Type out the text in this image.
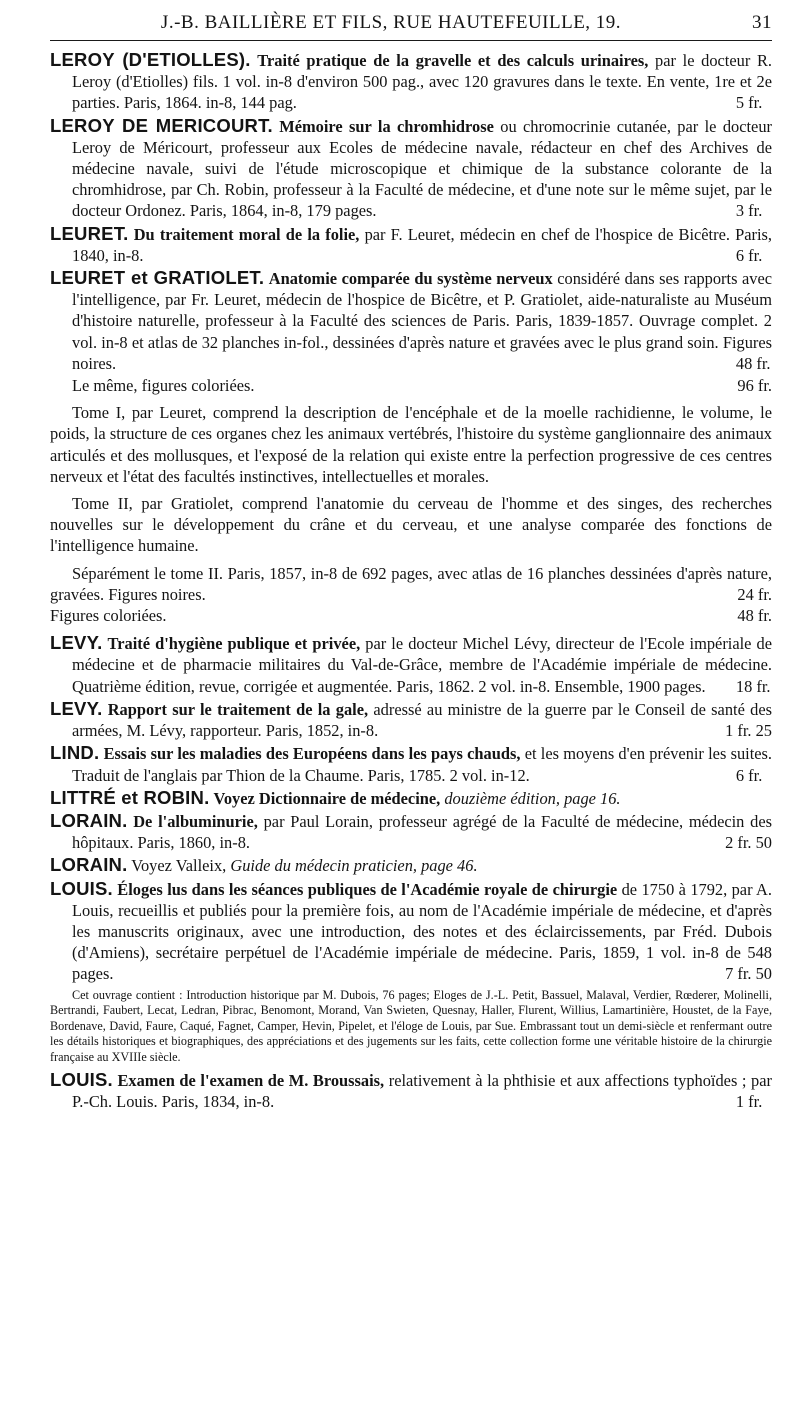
J.-B. BAILLIÈRE ET FILS, RUE HAUTEFEUILLE, 19.	31

LEROY (D'ETIOLLES). Traité pratique de la gravelle et des calculs urinaires, par le docteur R. Leroy (d'Etiolles) fils. 1 vol. in-8 d'environ 500 pag., avec 120 gravures dans le texte. En vente, 1re et 2e parties. Paris, 1864. in-8, 144 pag.	5 fr.

LEROY DE MERICOURT. Mémoire sur la chromhidrose ou chromocrinie cutanée, par le docteur Leroy de Méricourt, professeur aux Ecoles de médecine navale, rédacteur en chef des Archives de médecine navale, suivi de l'étude microscopique et chimique de la substance colorante de la chromhidrose, par Ch. Robin, professeur à la Faculté de médecine, et d'une note sur le même sujet, par le docteur Ordonez. Paris, 1864, in-8, 179 pages.	3 fr.

LEURET. Du traitement moral de la folie, par F. Leuret, médecin en chef de l'hospice de Bicêtre. Paris, 1840, in-8.	6 fr.

LEURET et GRATIOLET. Anatomie comparée du système nerveux considéré dans ses rapports avec l'intelligence, par Fr. Leuret, médecin de l'hospice de Bicêtre, et P. Gratiolet, aide-naturaliste au Muséum d'histoire naturelle, professeur à la Faculté des sciences de Paris. Paris, 1839-1857. Ouvrage complet. 2 vol. in-8 et atlas de 32 planches in-fol., dessinées d'après nature et gravées avec le plus grand soin. Figures noires.	48 fr.

Le même, figures coloriées.	96 fr.

Tome I, par Leuret, comprend la description de l'encéphale et de la moelle rachidienne, le volume, le poids, la structure de ces organes chez les animaux vertébrés, l'histoire du système ganglionnaire des animaux articulés et des mollusques, et l'exposé de la relation qui existe entre la perfection progressive de ces centres nerveux et l'état des facultés instinctives, intellectuelles et morales.

Tome II, par Gratiolet, comprend l'anatomie du cerveau de l'homme et des singes, des recherches nouvelles sur le développement du crâne et du cerveau, et une analyse comparée des fonctions de l'intelligence humaine.

Séparément le tome II. Paris, 1857, in-8 de 692 pages, avec atlas de 16 planches dessinées d'après nature, gravées. Figures noires.	24 fr.

Figures coloriées.	48 fr.

LEVY. Traité d'hygiène publique et privée, par le docteur Michel Lévy, directeur de l'Ecole impériale de médecine et de pharmacie militaires du Val-de-Grâce, membre de l'Académie impériale de médecine. Quatrième édition, revue, corrigée et augmentée. Paris, 1862. 2 vol. in-8. Ensemble, 1900 pages. 18 fr.

LEVY. Rapport sur le traitement de la gale, adressé au ministre de la guerre par le Conseil de santé des armées, M. Lévy, rapporteur. Paris, 1852, in-8.	1 fr. 25

LIND. Essais sur les maladies des Européens dans les pays chauds, et les moyens d'en prévenir les suites. Traduit de l'anglais par Thion de la Chaume. Paris, 1785. 2 vol. in-12.	6 fr.

LITTRÉ et ROBIN. Voyez Dictionnaire de médecine, douzième édition, page 16.

LORAIN. De l'albuminurie, par Paul Lorain, professeur agrégé de la Faculté de médecine, médecin des hôpitaux. Paris, 1860, in-8.	2 fr. 50

LORAIN. Voyez Valleix, Guide du médecin praticien, page 46.

LOUIS. Éloges lus dans les séances publiques de l'Académie royale de chirurgie de 1750 à 1792, par A. Louis, recueillis et publiés pour la première fois, au nom de l'Académie impériale de médecine, et d'après les manuscrits originaux, avec une introduction, des notes et des éclaircissements, par Fréd. Dubois (d'Amiens), secrétaire perpétuel de l'Académie impériale de médecine. Paris, 1859, 1 vol. in-8 de 548 pages.	7 fr. 50

Cet ouvrage contient : Introduction historique par M. Dubois, 76 pages; Eloges de J.-L. Petit, Bassuel, Malaval, Verdier, Rœderer, Molinelli, Bertrandi, Faubert, Lecat, Ledran, Pibrac, Benomont, Morand, Van Swieten, Quesnay, Haller, Flurent, Willius, Lamartinière, Houstet, de la Faye, Bordenave, David, Faure, Caqué, Fagnet, Camper, Hevin, Pipelet, et l'éloge de Louis, par Sue. Embrassant tout un demi-siècle et renfermant outre les détails historiques et biographiques, des appréciations et des jugements sur les faits, cette collection forme une véritable histoire de la chirurgie française au XVIIIe siècle.

LOUIS. Examen de l'examen de M. Broussais, relativement à la phthisie et aux affections typhoïdes ; par P.-Ch. Louis. Paris, 1834, in-8.	1 fr.
